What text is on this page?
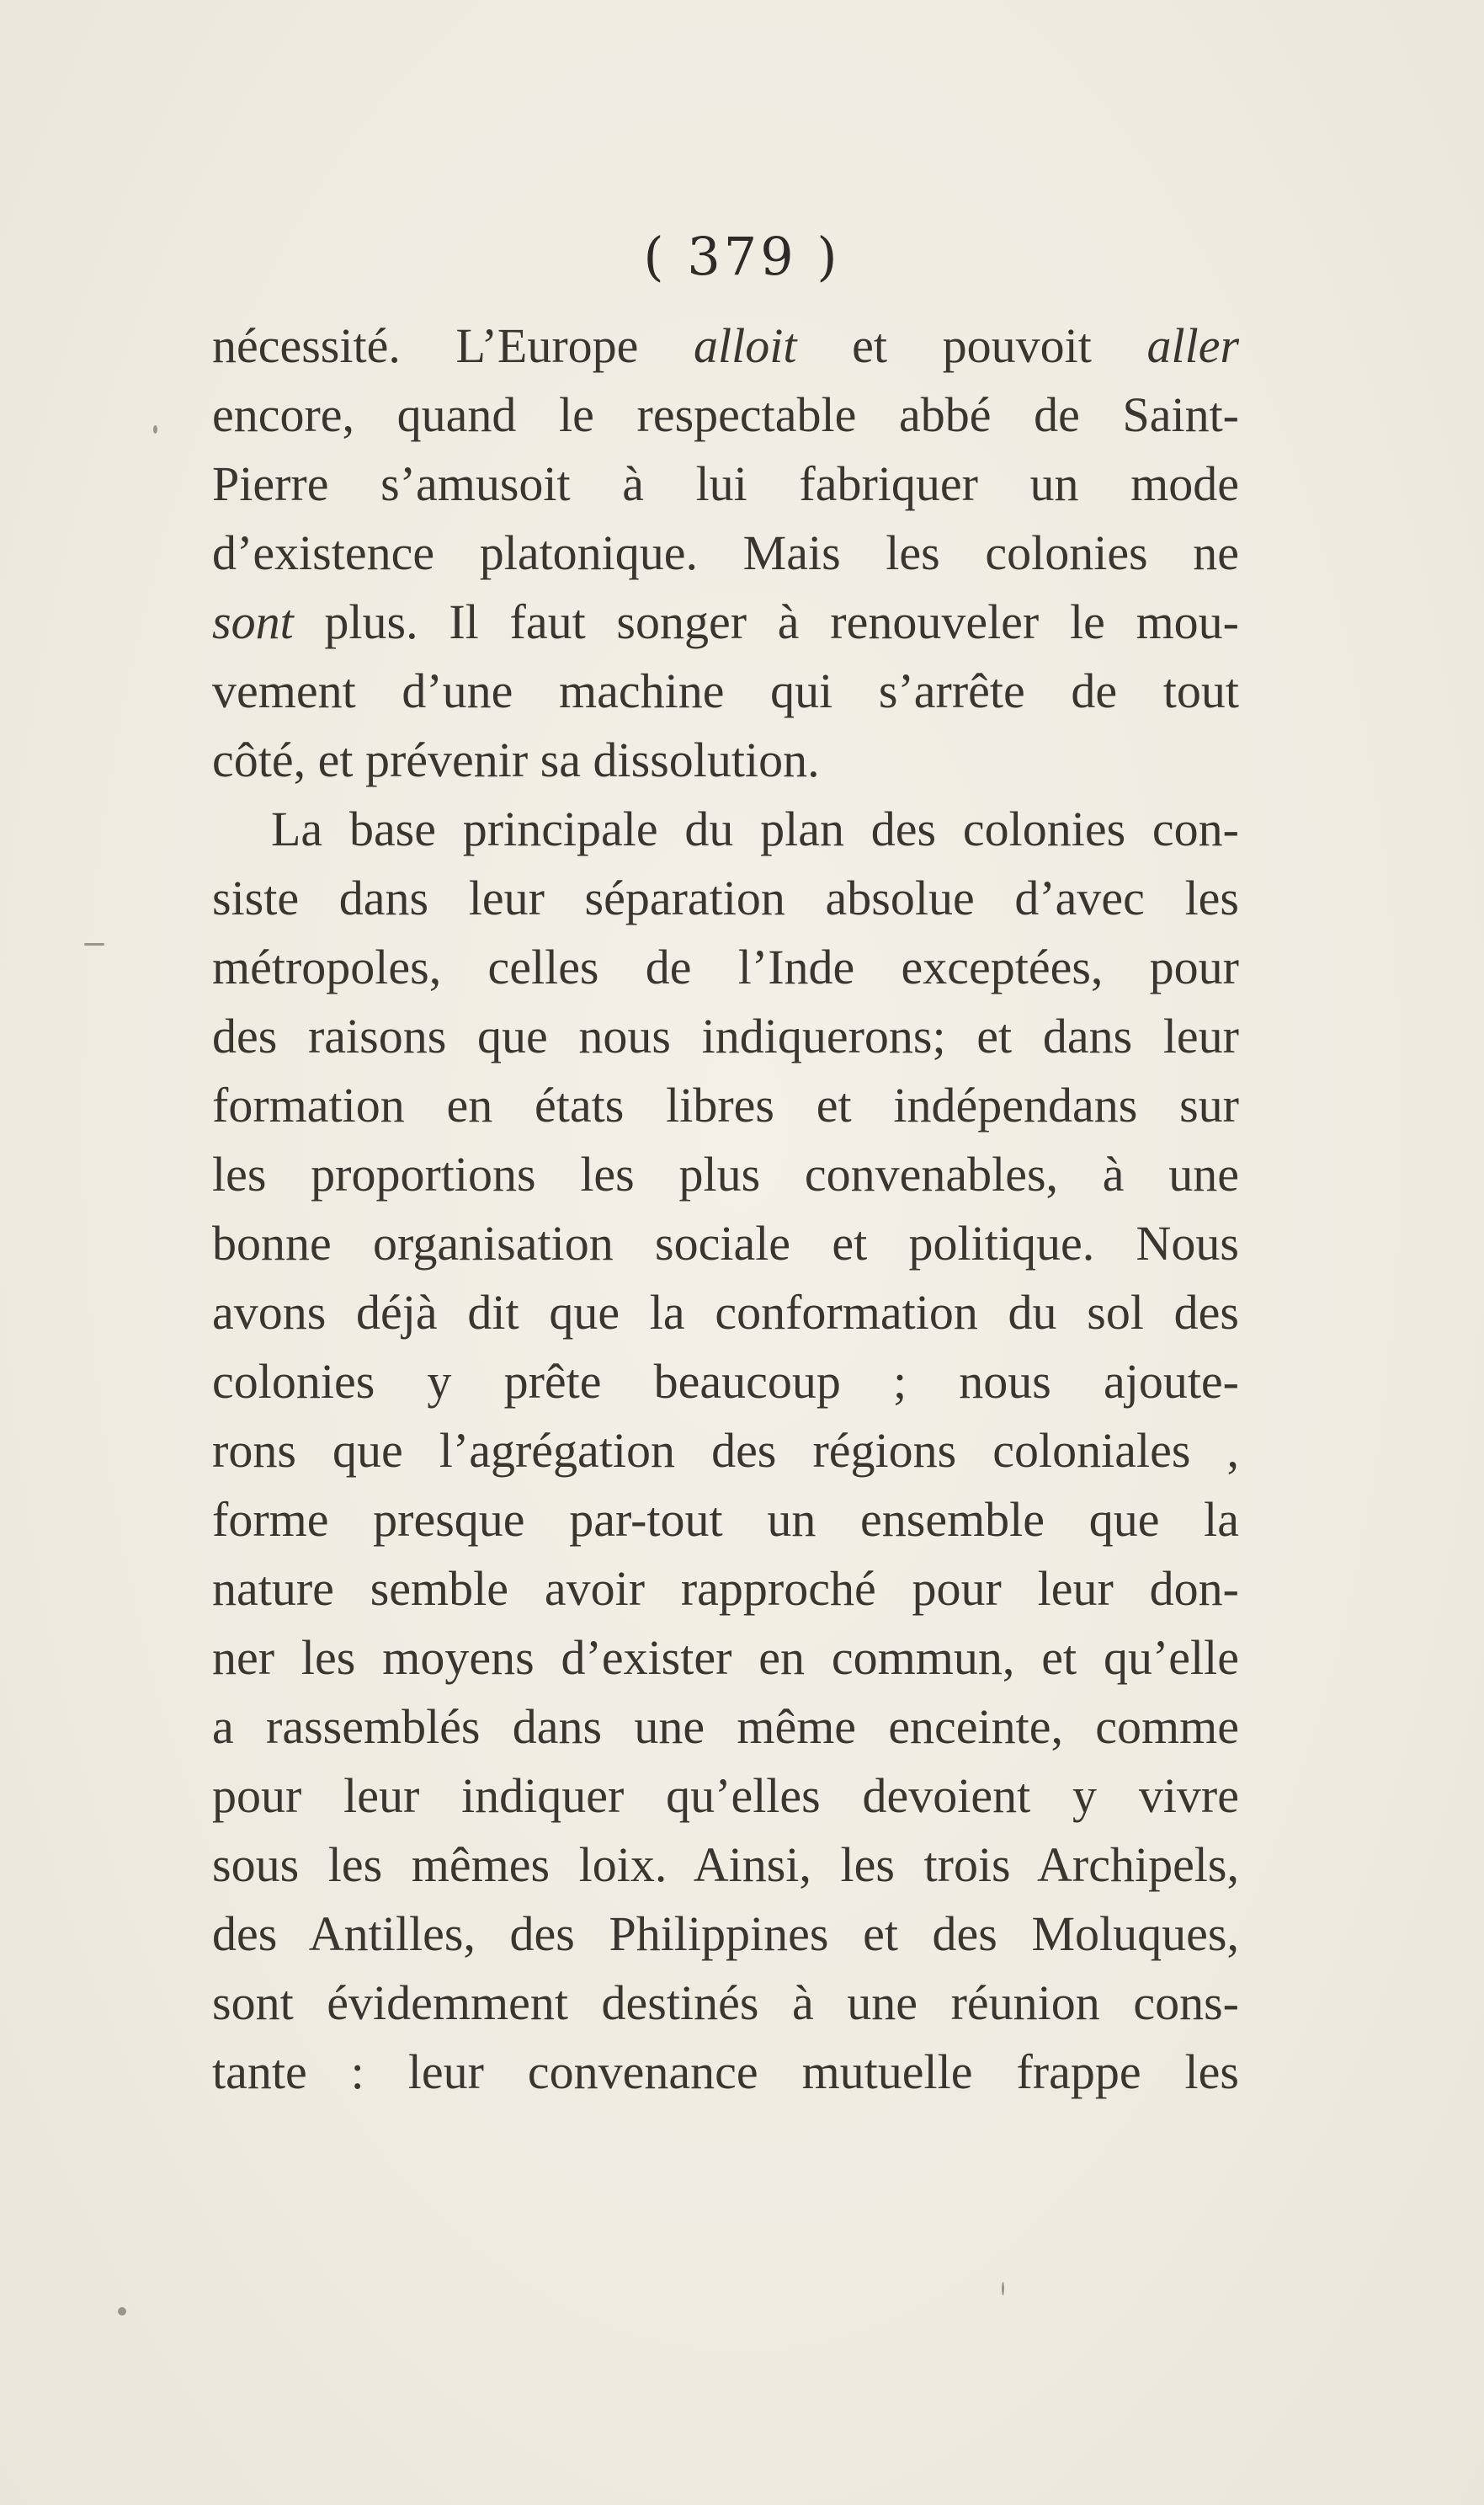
( 379 )
nécessité. L’Europe alloit et pouvoit aller
encore, quand le respectable abbé de Saint-
Pierre s’amusoit à lui fabriquer un mode
d’existence platonique. Mais les colonies ne
sont plus. Il faut songer à renouveler le mou-
vement d’une machine qui s’arrête de tout
côté, et prévenir sa dissolution.
La base principale du plan des colonies con-
siste dans leur séparation absolue d’avec les
métropoles, celles de l’Inde exceptées, pour
des raisons que nous indiquerons; et dans leur
formation en états libres et indépendans sur
les proportions les plus convenables, à une
bonne organisation sociale et politique. Nous
avons déjà dit que la conformation du sol des
colonies y prête beaucoup ; nous ajoute-
rons que l’agrégation des régions coloniales ,
forme presque par-tout un ensemble que la
nature semble avoir rapproché pour leur don-
ner les moyens d’exister en commun, et qu’elle
a rassemblés dans une même enceinte, comme
pour leur indiquer qu’elles devoient y vivre
sous les mêmes loix. Ainsi, les trois Archipels,
des Antilles, des Philippines et des Moluques,
sont évidemment destinés à une réunion cons-
tante : leur convenance mutuelle frappe les
